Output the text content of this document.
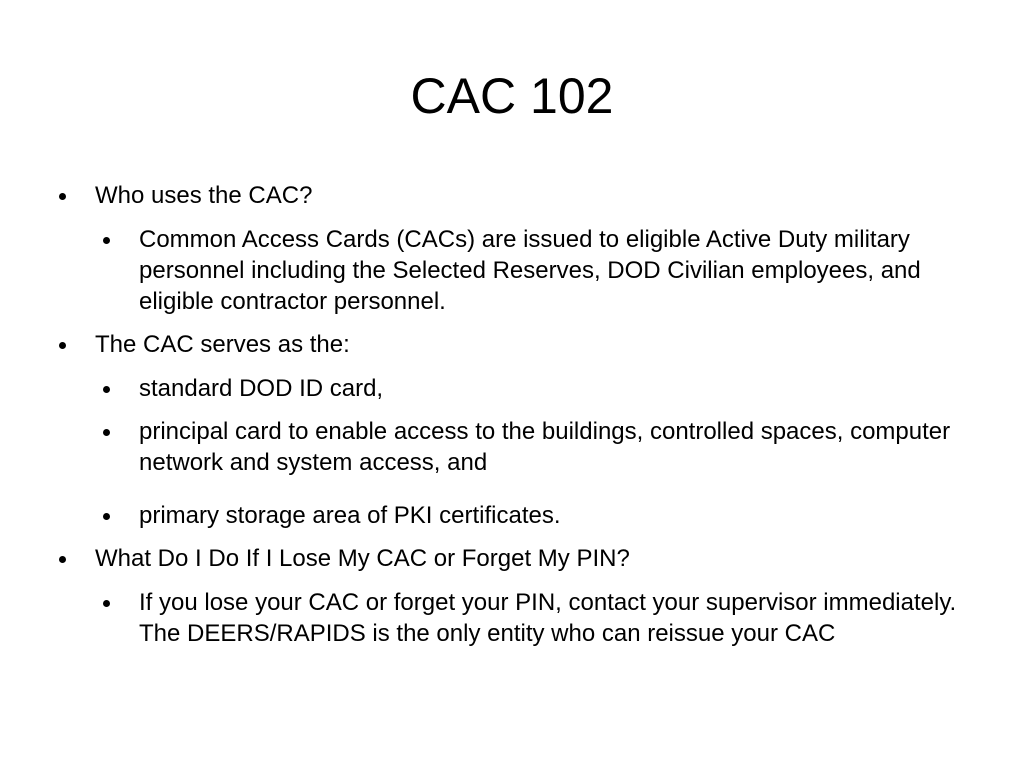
CAC 102
Who uses the CAC?
Common Access Cards (CACs) are issued to eligible Active Duty military personnel including the Selected Reserves, DOD Civilian employees, and eligible contractor personnel.
The CAC serves as the:
standard DOD ID card,
principal card to enable access to the buildings, controlled spaces, computer network and system access, and
primary storage area of PKI certificates.
What Do I Do If I Lose My CAC or Forget My PIN?
If you lose your CAC or forget your PIN, contact your supervisor immediately. The DEERS/RAPIDS is the only entity who can reissue your CAC
